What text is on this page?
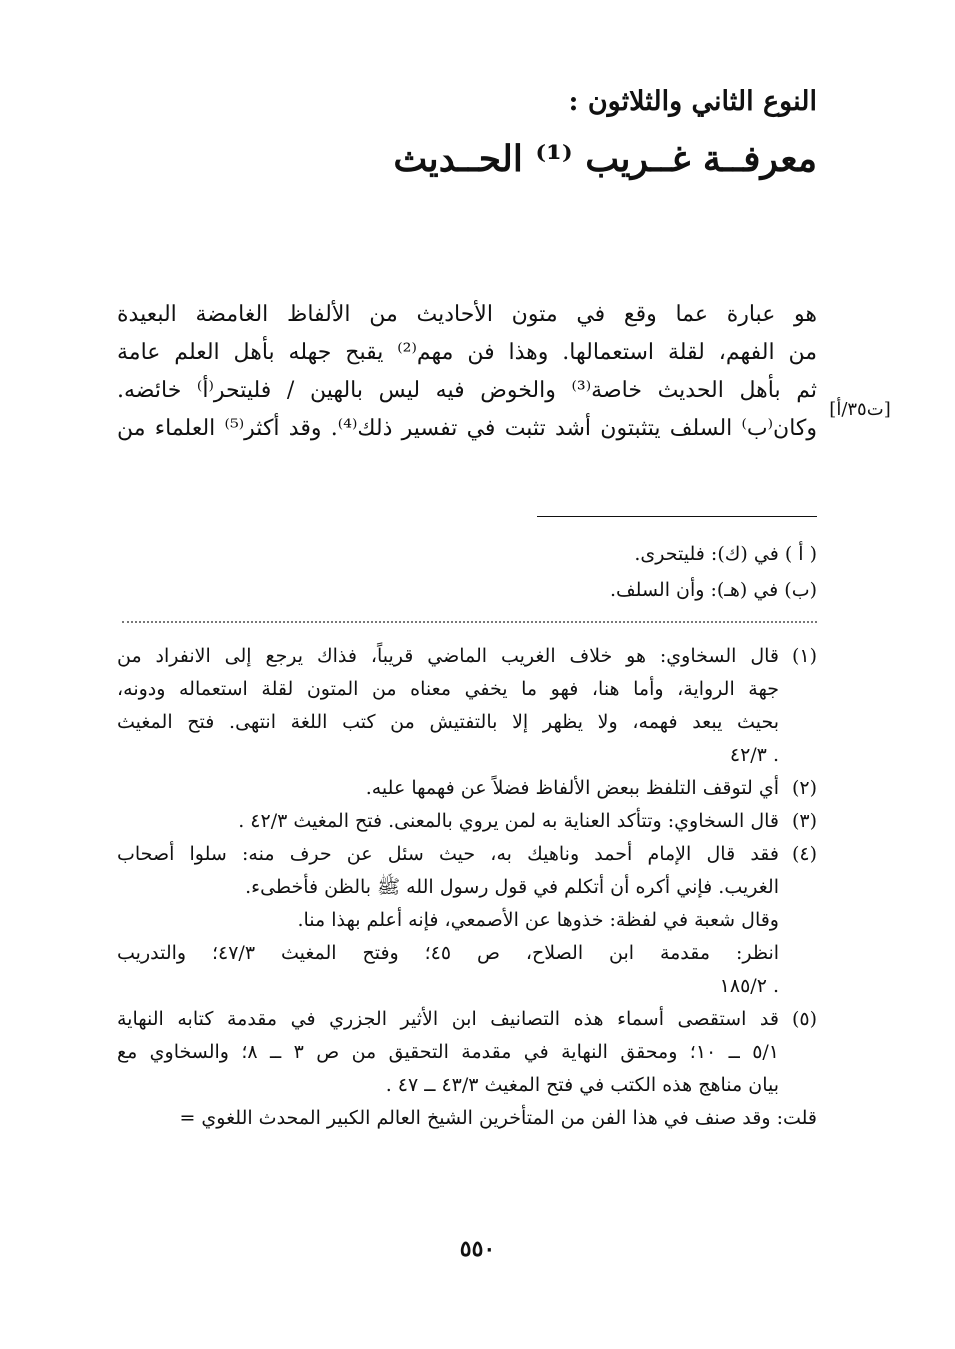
النوع الثاني والثلاثون :
معرفــة غــريب ⁽¹⁾ الحــديث
هو عبارة عما وقع في متون الأحاديث من الألفاظ الغامضة البعيدة
من الفهم، لقلة استعمالها. وهذا فن مهم⁽²⁾ يقبح جهله بأهل العلم عامة
ثم بأهل الحديث خاصة⁽³⁾ والخوض فيه ليس بالهين / فليتحر⁽أ⁾ خائضه.
وكان⁽ب⁾ السلف يتثبتون أشد تثبت في تفسير ذلك⁽⁴⁾. وقد أكثر⁽⁵⁾ العلماء من
[ت٣٥/أ]
( أ ) في (ك): فليتحرى.
(ب) في (هـ): وأن السلف.
(١)
قال السخاوي: هو خلاف الغريب الماضي قريباً، فذاك يرجع إلى الانفراد من
جهة الرواية، وأما هنا، فهو ما يخفي معناه من المتون لقلة استعماله ودونه،
بحيث يبعد فهمه، ولا يظهر إلا بالتفتيش من كتب اللغة انتهى. فتح المغيث
٤٢/٣ .
(٢)
أي لتوقف التلفظ ببعض الألفاظ فضلاً عن فهمها عليه.
(٣)
قال السخاوي: وتتأكد العناية به لمن يروي بالمعنى. فتح المغيث ٤٢/٣ .
(٤)
فقد قال الإمام أحمد وناهيك به، حيث سئل عن حرف منه: سلوا أصحاب
الغريب. فإني أكره أن أتكلم في قول رسول الله ﷺ بالظن فأخطىء.
وقال شعبة في لفظة: خذوها عن الأصمعي، فإنه أعلم بهذا منا.
انظر: مقدمة ابن الصلاح، ص ٤٥؛ وفتح المغيث ٤٧/٣؛ والتدريب
١٨٥/٢ .
(٥)
قد استقصى أسماء هذه التصانيف ابن الأثير الجزري في مقدمة كتابه النهاية
٥/١ ــ ١٠؛ ومحقق النهاية في مقدمة التحقيق من ص ٣ ــ ٨؛ والسخاوي مع
بيان مناهج هذه الكتب في فتح المغيث ٤٣/٣ ــ ٤٧ .
قلت: وقد صنف في هذا الفن من المتأخرين الشيخ العالم الكبير المحدث اللغوي =
٥٥٠
